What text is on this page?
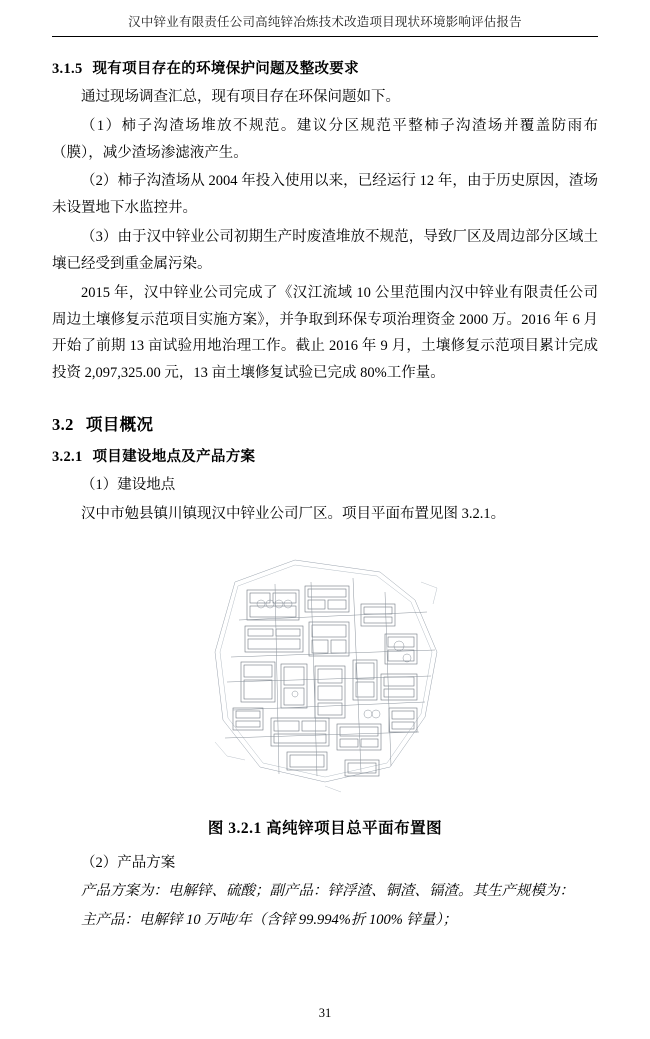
汉中锌业有限责任公司高纯锌冶炼技术改造项目现状环境影响评估报告
3.1.5 现有项目存在的环境保护问题及整改要求

通过现场调查汇总，现有项目存在环保问题如下。

（1）柿子沟渣场堆放不规范。建议分区规范平整柿子沟渣场并覆盖防雨布（膜），减少渣场渗滤液产生。

（2）柿子沟渣场从 2004 年投入使用以来，已经运行 12 年，由于历史原因，渣场未设置地下水监控井。

（3）由于汉中锌业公司初期生产时废渣堆放不规范，导致厂区及周边部分区域土壤已经受到重金属污染。

2015 年，汉中锌业公司完成了《汉江流域 10 公里范围内汉中锌业有限责任公司周边土壤修复示范项目实施方案》，并争取到环保专项治理资金 2000 万。2016 年 6 月开始了前期 13 亩试验用地治理工作。截止 2016 年 9 月，土壤修复示范项目累计完成投资 2,097,325.00 元，13 亩土壤修复试验已完成 80%工作量。

3.2 项目概况
3.2.1 项目建设地点及产品方案

（1）建设地点

汉中市勉县镇川镇现汉中锌业公司厂区。项目平面布置见图 3.2.1。

图 3.2.1 高纯锌项目总平面布置图

（2）产品方案

产品方案为：电解锌、硫酸；副产品：锌浮渣、铜渣、镉渣。其生产规模为：

主产品：电解锌 10 万吨/年（含锌 99.994%折 100% 锌量）；

31
